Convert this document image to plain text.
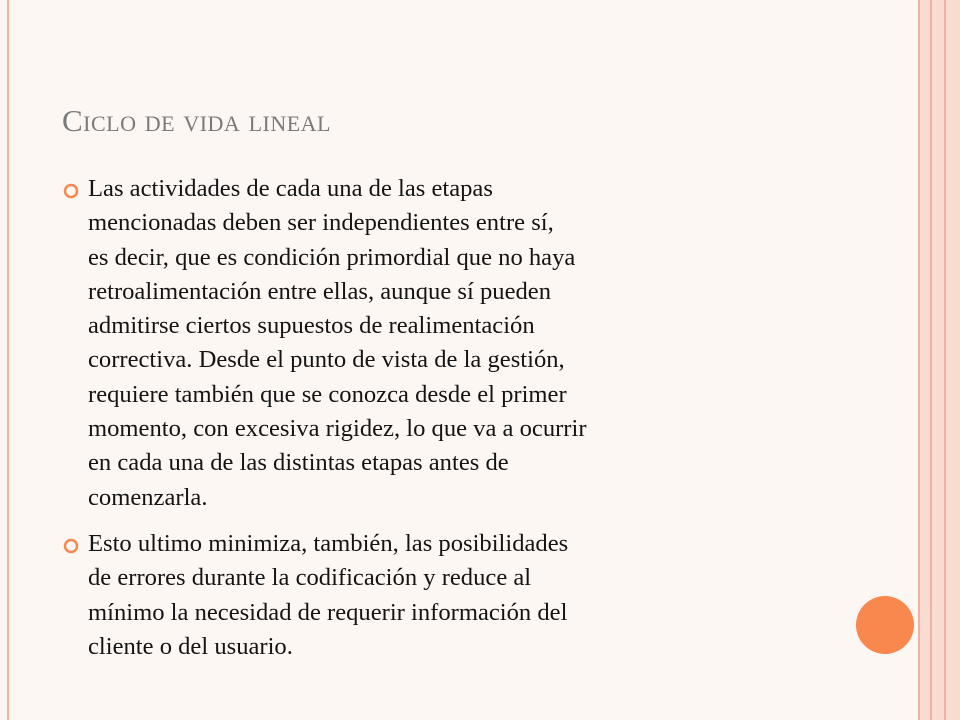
Ciclo de vida lineal
Las actividades de cada una de las etapas
mencionadas deben ser independientes entre sí,
es decir, que es condición primordial que no haya
retroalimentación entre ellas, aunque sí pueden
admitirse ciertos supuestos de realimentación
correctiva. Desde el punto de vista de la gestión,
requiere también que se conozca desde el primer
momento, con excesiva rigidez, lo que va a ocurrir
en cada una de las distintas etapas antes de
comenzarla.
Esto ultimo minimiza, también, las posibilidades
de errores durante la codificación y reduce al
mínimo la necesidad de requerir información del
cliente o del usuario.
